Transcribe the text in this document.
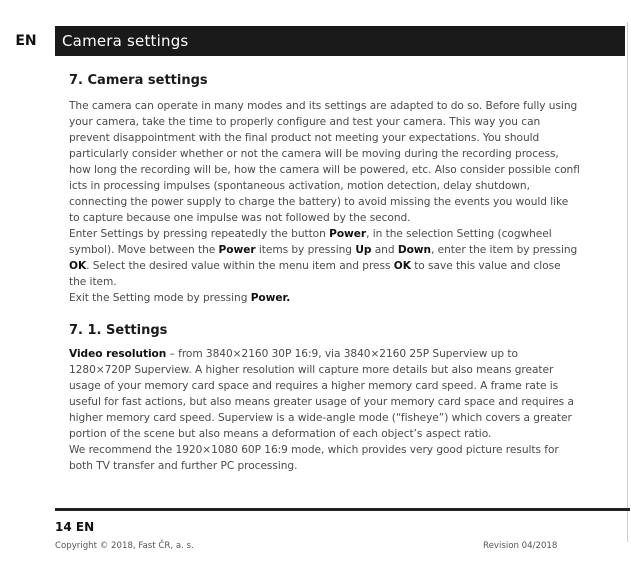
EN	Camera settings
7. Camera settings

The camera can operate in many modes and its settings are adapted to do so. Before fully using your camera, take the time to properly configure and test your camera. This way you can prevent disappointment with the final product not meeting your expectations. You should particularly consider whether or not the camera will be moving during the recording process, how long the recording will be, how the camera will be powered, etc. Also consider possible confl icts in processing impulses (spontaneous activation, motion detection, delay shutdown, connecting the power supply to charge the battery) to avoid missing the events you would like to capture because one impulse was not followed by the second.

Enter Settings by pressing repeatedly the button Power, in the selection Setting (cogwheel symbol). Move between the Power items by pressing Up and Down, enter the item by pressing OK. Select the desired value within the menu item and press OK to save this value and close the item.

Exit the Setting mode by pressing Power.

7. 1. Settings

Video resolution – from 3840×2160 30P 16:9, via 3840×2160 25P Superview up to 1280×720P Superview. A higher resolution will capture more details but also means greater usage of your memory card space and requires a higher memory card speed. A frame rate is useful for fast actions, but also means greater usage of your memory card space and requires a higher memory card speed. Superview is a wide-angle mode (“fisheye”) which covers a greater portion of the scene but also means a deformation of each object’s aspect ratio.

We recommend the 1920×1080 60P 16:9 mode, which provides very good picture results for both TV transfer and further PC processing.

14 EN
Copyright © 2018, Fast ČR, a. s.	Revision 04/2018
